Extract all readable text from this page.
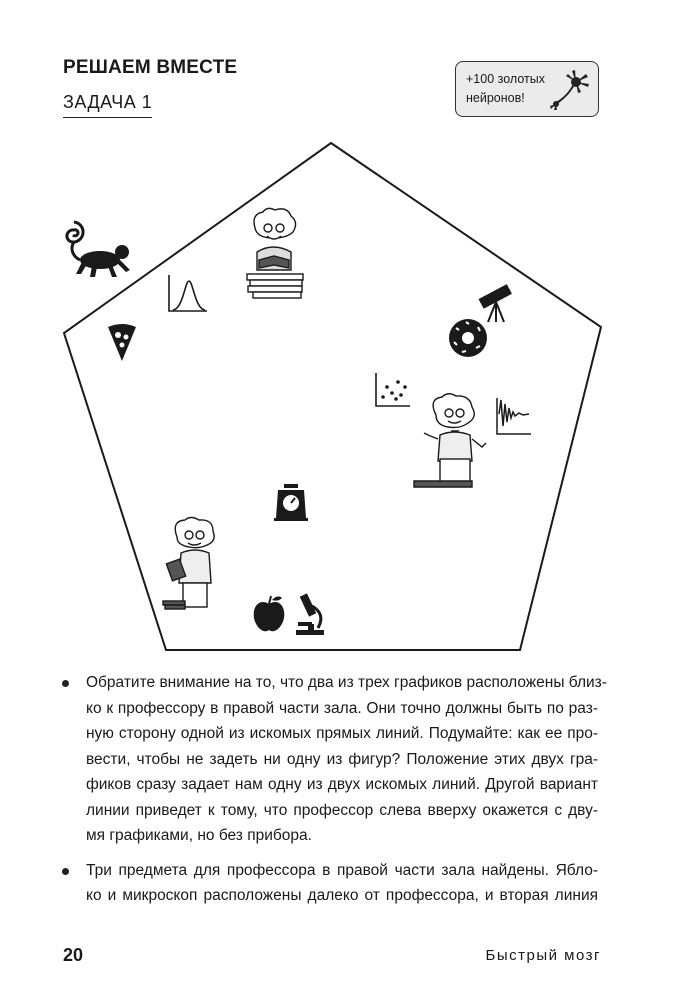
РЕШАЕМ ВМЕСТЕ
ЗАДАЧА 1
+100 золотых
нейронов!
Обратите внимание на то, что два из трех графиков расположены близ-
ко к профессору в правой части зала. Они точно должны быть по раз-
ную сторону одной из искомых прямых линий. Подумайте: как ее про-
вести, чтобы не задеть ни одну из фигур? Положение этих двух гра-
фиков сразу задает нам одну из двух искомых линий. Другой вариант
линии приведет к тому, что профессор слева вверху окажется с дву-
мя графиками, но без прибора.
Три предмета для профессора в правой части зала найдены. Ябло-
ко и микроскоп расположены далеко от профессора, и вторая линия
20	Быстрый мозг
